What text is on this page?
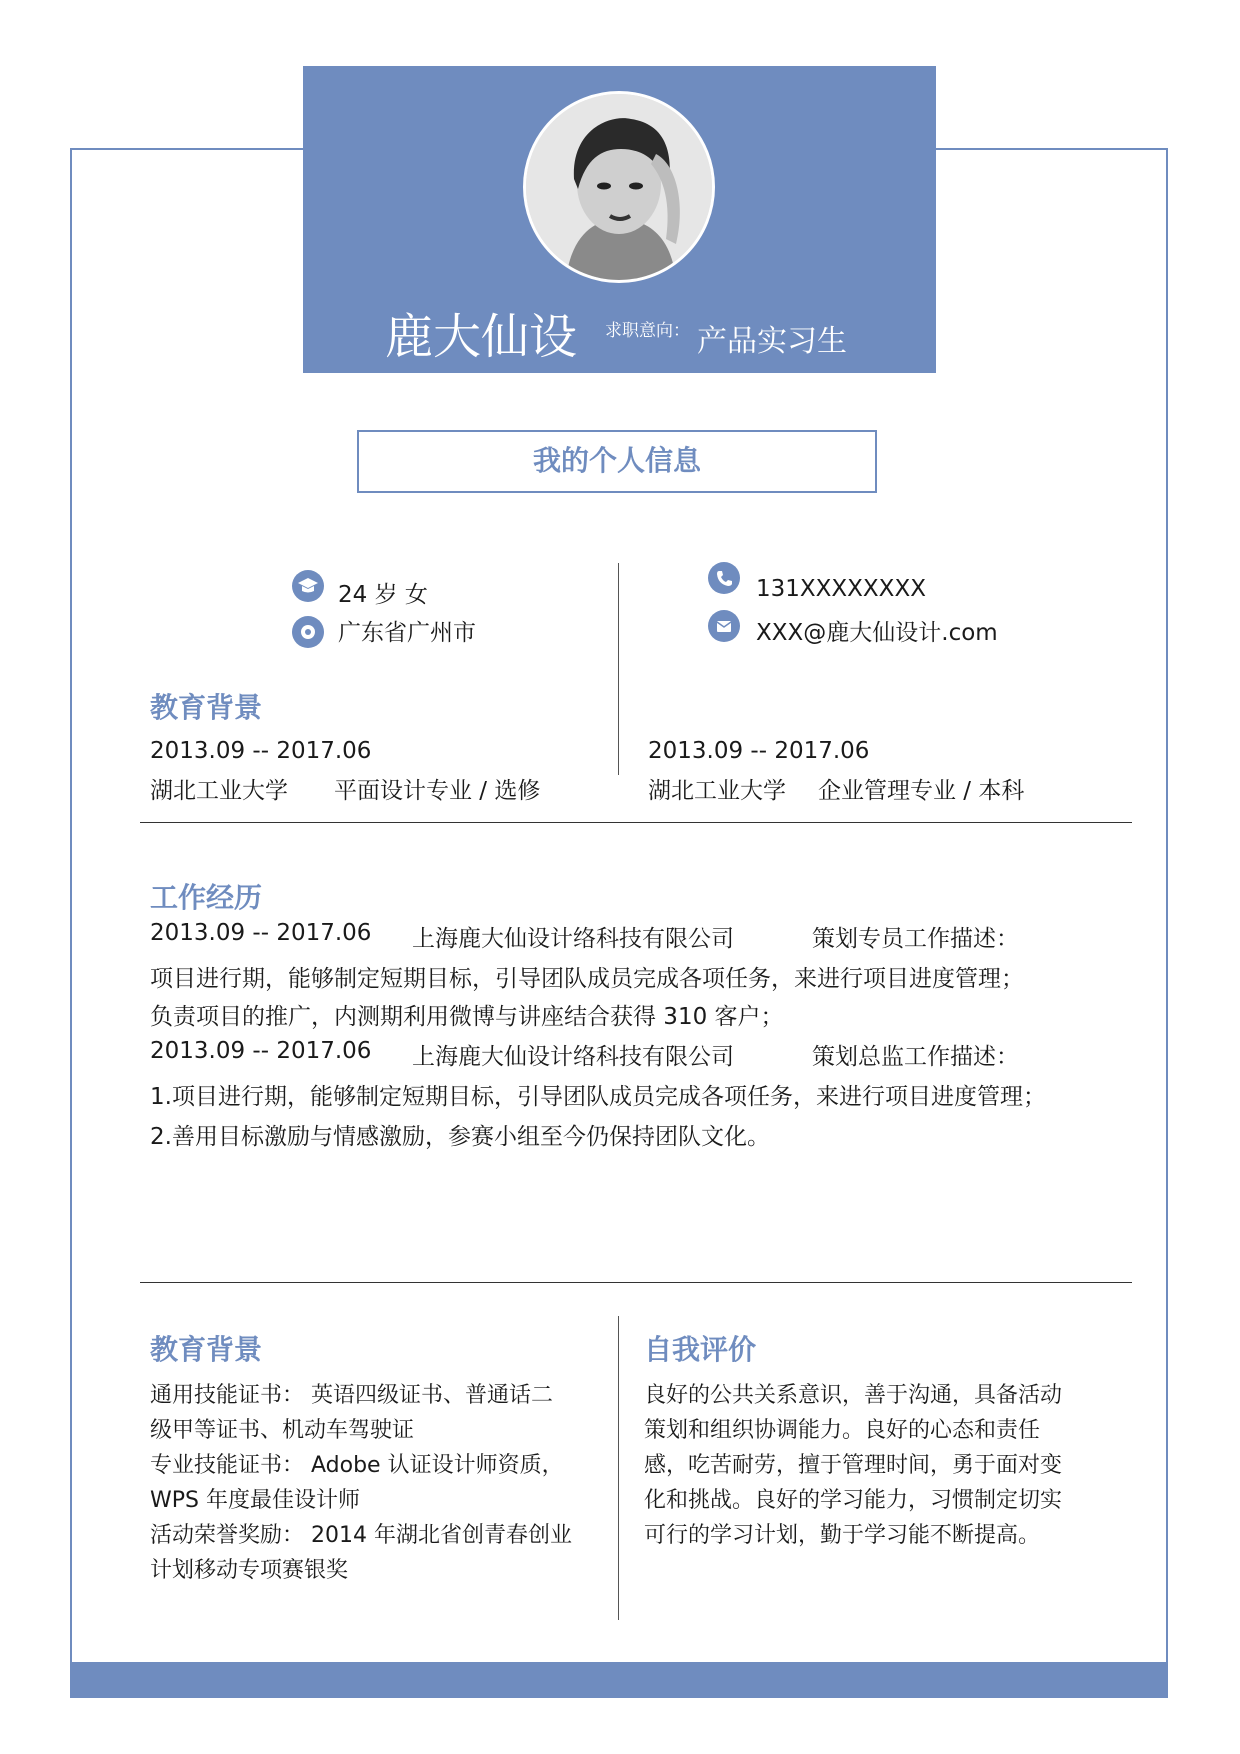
鹿大仙设 求职意向： 产品实习生
我的个人信息
24 岁 女
广东省广州市
131XXXXXXXX
XXX@鹿大仙设计.com
教育背景
2013.09 -- 2017.06
湖北工业大学 平面设计专业 / 选修
2013.09 -- 2017.06
湖北工业大学 企业管理专业 / 本科
工作经历
2013.09 -- 2017.06 上海鹿大仙设计络科技有限公司	策划专员工作描述：
项目进行期，能够制定短期目标，引导团队成员完成各项任务，来进行项目进度管理；
负责项目的推广，内测期利用微博与讲座结合获得 310 客户；
2013.09 -- 2017.06 上海鹿大仙设计络科技有限公司	策划总监工作描述：
1.项目进行期，能够制定短期目标，引导团队成员完成各项任务，来进行项目进度管理；
2.善用目标激励与情感激励，参赛小组至今仍保持团队文化。
教育背景
通用技能证书： 英语四级证书、普通话二
级甲等证书、机动车驾驶证
专业技能证书： Adobe 认证设计师资质，
WPS 年度最佳设计师
活动荣誉奖励： 2014 年湖北省创青春创业
计划移动专项赛银奖
自我评价
良好的公共关系意识，善于沟通，具备活动
策划和组织协调能力。良好的心态和责任
感，吃苦耐劳，擅于管理时间，勇于面对变
化和挑战。良好的学习能力，习惯制定切实
可行的学习计划，勤于学习能不断提高。
